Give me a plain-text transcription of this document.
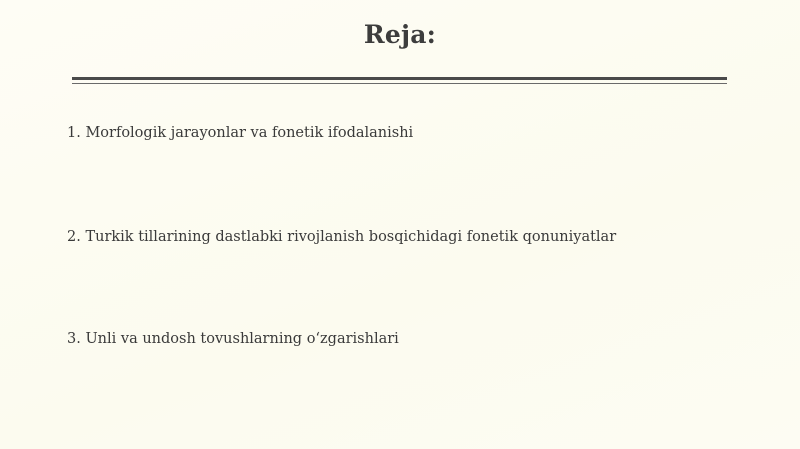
Reja:
1. Morfologik jarayonlar va fonetik ifodalanishi
2. Turkik tillarining dastlabki rivojlanish bosqichidagi fonetik qonuniyatlar
3. Unli va undosh tovushlarning o‘zgarishlari
